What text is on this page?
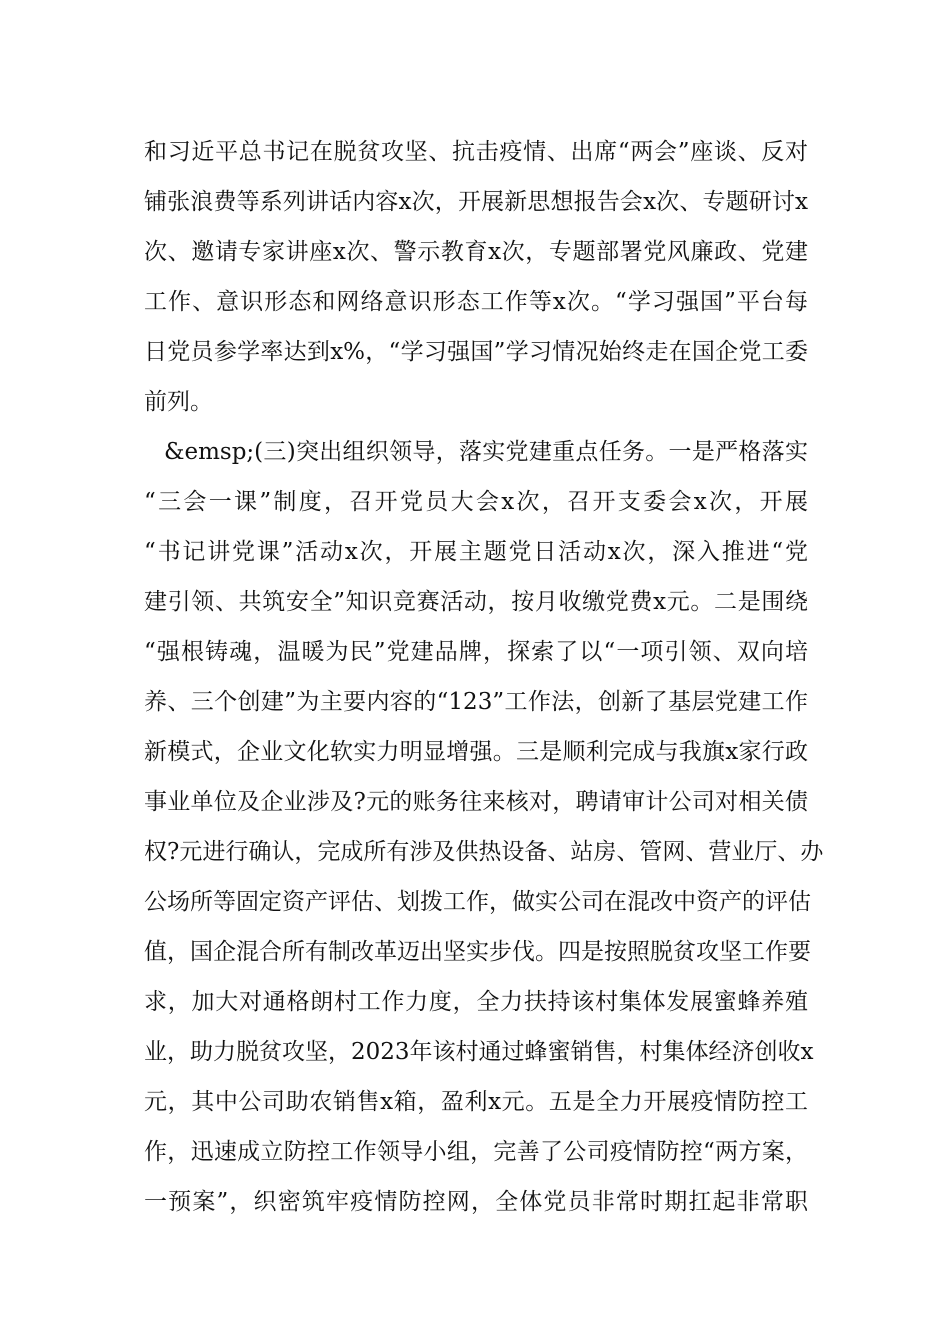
和习近平总书记在脱贫攻坚、抗击疫情、出席“两会”座谈、反对
铺张浪费等系列讲话内容x次，开展新思想报告会x次、专题研讨x
次、邀请专家讲座x次、警示教育x次，专题部署党风廉政、党建
工作、意识形态和网络意识形态工作等x次。“学习强国”平台每
日党员参学率达到x%，“学习强国”学习情况始终走在国企党工委
前列。
&emsp;(三)突出组织领导，落实党建重点任务。一是严格落实
“三会一课”制度，召开党员大会x次，召开支委会x次，开展
“书记讲党课”活动x次，开展主题党日活动x次，深入推进“党
建引领、共筑安全”知识竞赛活动，按月收缴党费x元。二是围绕
“强根铸魂，温暖为民”党建品牌，探索了以“一项引领、双向培
养、三个创建”为主要内容的“123”工作法，创新了基层党建工作
新模式，企业文化软实力明显增强。三是顺利完成与我旗x家行政
事业单位及企业涉及?元的账务往来核对，聘请审计公司对相关债
权?元进行确认，完成所有涉及供热设备、站房、管网、营业厅、办
公场所等固定资产评估、划拨工作，做实公司在混改中资产的评估
值，国企混合所有制改革迈出坚实步伐。四是按照脱贫攻坚工作要
求，加大对通格朗村工作力度，全力扶持该村集体发展蜜蜂养殖
业，助力脱贫攻坚，2023年该村通过蜂蜜销售，村集体经济创收x
元，其中公司助农销售x箱，盈利x元。五是全力开展疫情防控工
作，迅速成立防控工作领导小组，完善了公司疫情防控“两方案，
一预案”，织密筑牢疫情防控网，全体党员非常时期扛起非常职
